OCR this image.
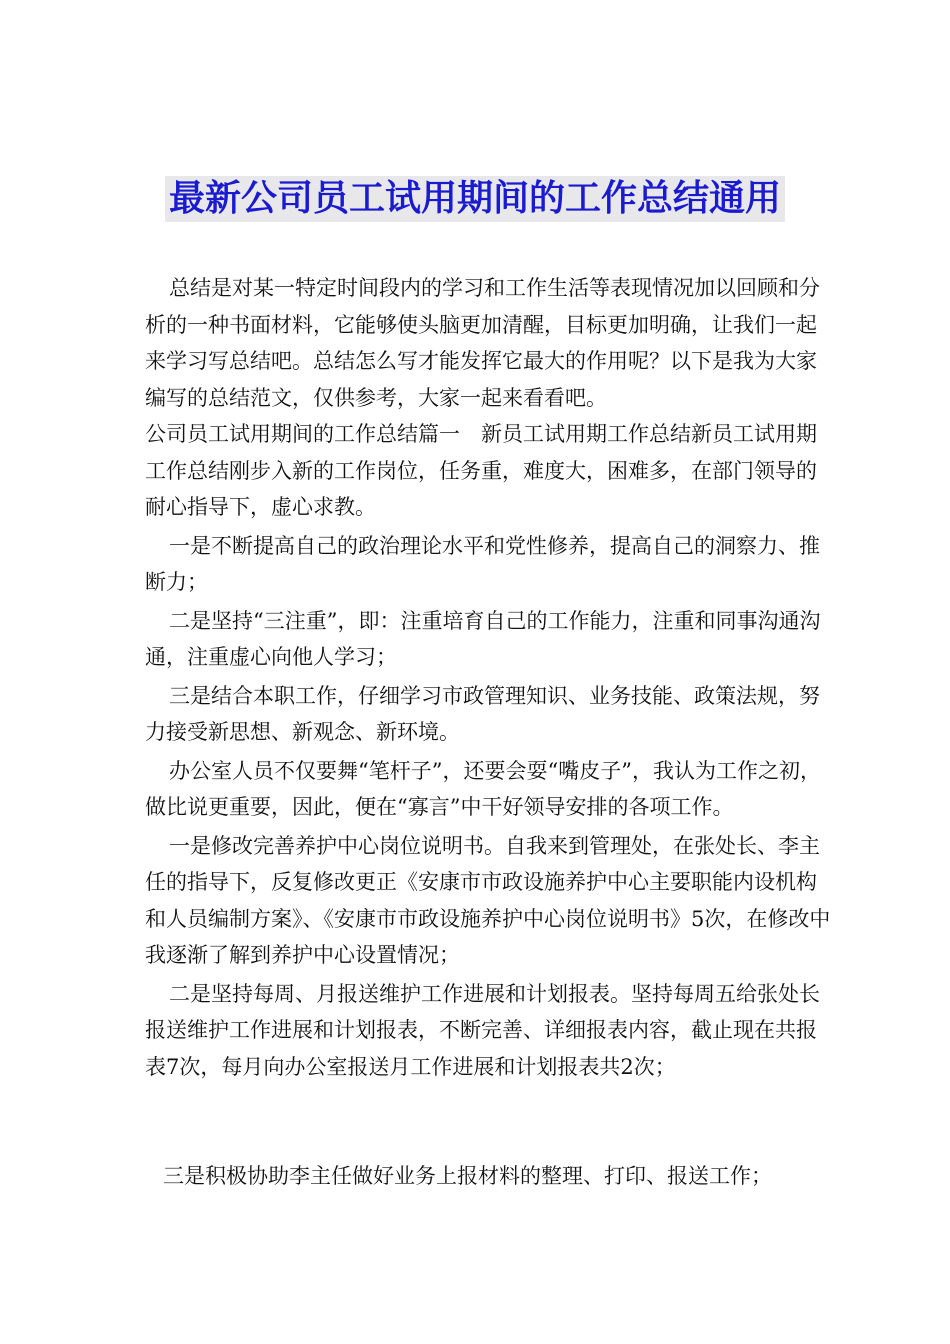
最新公司员工试用期间的工作总结通用

总结是对某一特定时间段内的学习和工作生活等表现情况加以回顾和分析的一种书面材料，它能够使头脑更加清醒，目标更加明确，让我们一起来学习写总结吧。总结怎么写才能发挥它最大的作用呢？以下是我为大家编写的总结范文，仅供参考，大家一起来看看吧。

公司员工试用期间的工作总结篇一　新员工试用期工作总结新员工试用期工作总结刚步入新的工作岗位，任务重，难度大，困难多，在部门领导的耐心指导下，虚心求教。

一是不断提高自己的政治理论水平和党性修养，提高自己的洞察力、推断力；

二是坚持“三注重”，即：注重培育自己的工作能力，注重和同事沟通沟通，注重虚心向他人学习；

三是结合本职工作，仔细学习市政管理知识、业务技能、政策法规，努力接受新思想、新观念、新环境。

办公室人员不仅要舞“笔杆子”，还要会耍“嘴皮子”，我认为工作之初，做比说更重要，因此，便在“寡言”中干好领导安排的各项工作。

一是修改完善养护中心岗位说明书。自我来到管理处，在张处长、李主任的指导下，反复修改更正《安康市市政设施养护中心主要职能内设机构和人员编制方案》、《安康市市政设施养护中心岗位说明书》5次，在修改中我逐渐了解到养护中心设置情况；

二是坚持每周、月报送维护工作进展和计划报表。坚持每周五给张处长报送维护工作进展和计划报表，不断完善、详细报表内容，截止现在共报表7次，每月向办公室报送月工作进展和计划报表共2次；

三是积极协助李主任做好业务上报材料的整理、打印、报送工作；
